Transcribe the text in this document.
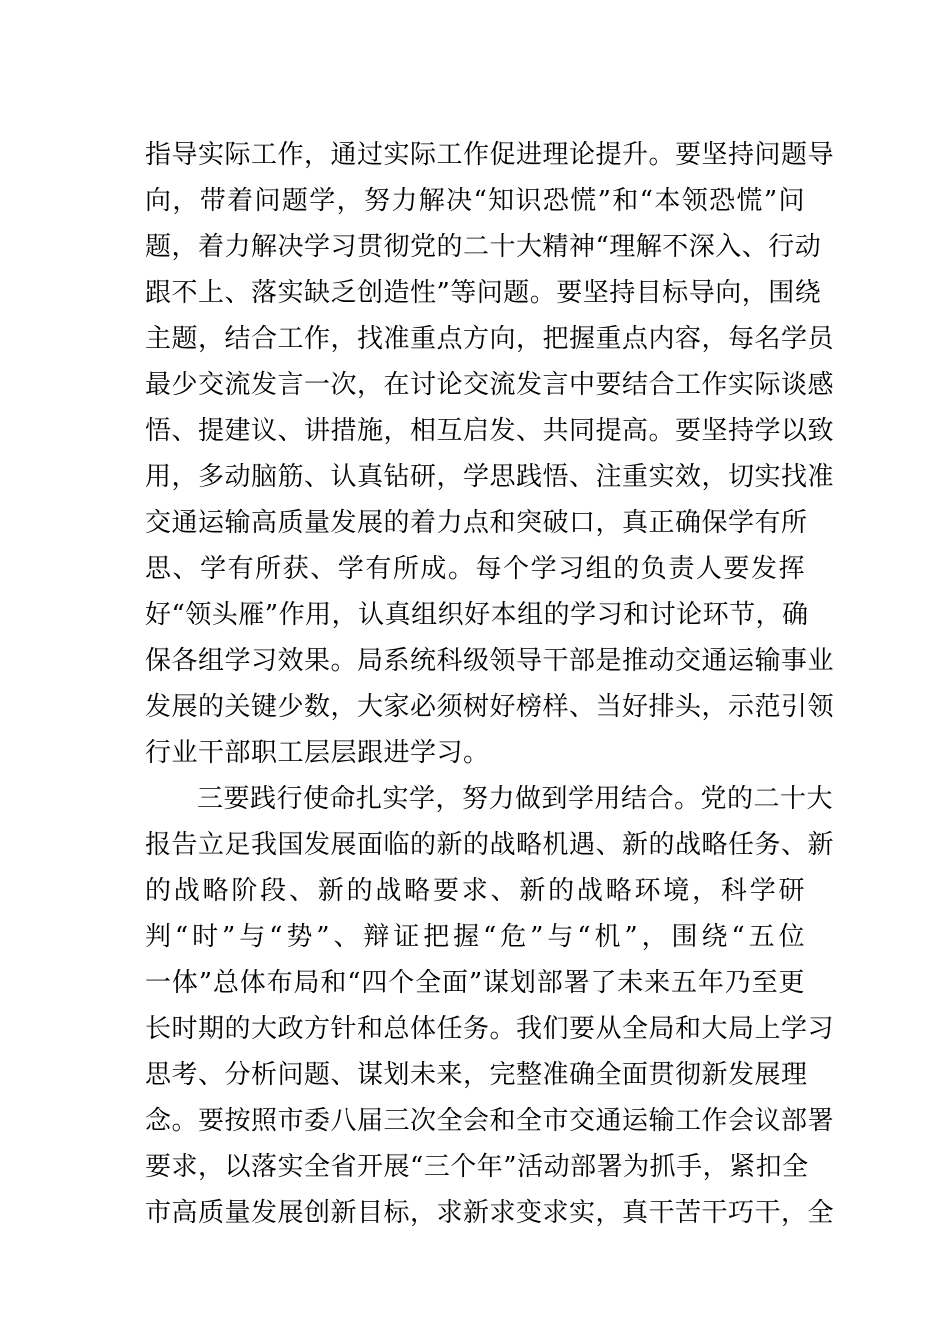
指导实际工作，通过实际工作促进理论提升。要坚持问题导
向，带着问题学，努力解决“知识恐慌”和“本领恐慌”问
题，着力解决学习贯彻党的二十大精神“理解不深入、行动
跟不上、落实缺乏创造性”等问题。要坚持目标导向，围绕
主题，结合工作，找准重点方向，把握重点内容，每名学员
最少交流发言一次，在讨论交流发言中要结合工作实际谈感
悟、提建议、讲措施，相互启发、共同提高。要坚持学以致
用，多动脑筋、认真钻研，学思践悟、注重实效，切实找准
交通运输高质量发展的着力点和突破口，真正确保学有所
思、学有所获、学有所成。每个学习组的负责人要发挥
好“领头雁”作用，认真组织好本组的学习和讨论环节，确
保各组学习效果。局系统科级领导干部是推动交通运输事业
发展的关键少数，大家必须树好榜样、当好排头，示范引领
行业干部职工层层跟进学习。
三要践行使命扎实学，努力做到学用结合。党的二十大
报告立足我国发展面临的新的战略机遇、新的战略任务、新
的战略阶段、新的战略要求、新的战略环境，科学研
判“时”与“势”、辩证把握“危”与“机”，围绕“五位
一体”总体布局和“四个全面”谋划部署了未来五年乃至更
长时期的大政方针和总体任务。我们要从全局和大局上学习
思考、分析问题、谋划未来，完整准确全面贯彻新发展理
念。要按照市委八届三次全会和全市交通运输工作会议部署
要求，以落实全省开展“三个年”活动部署为抓手，紧扣全
市高质量发展创新目标，求新求变求实，真干苦干巧干，全
